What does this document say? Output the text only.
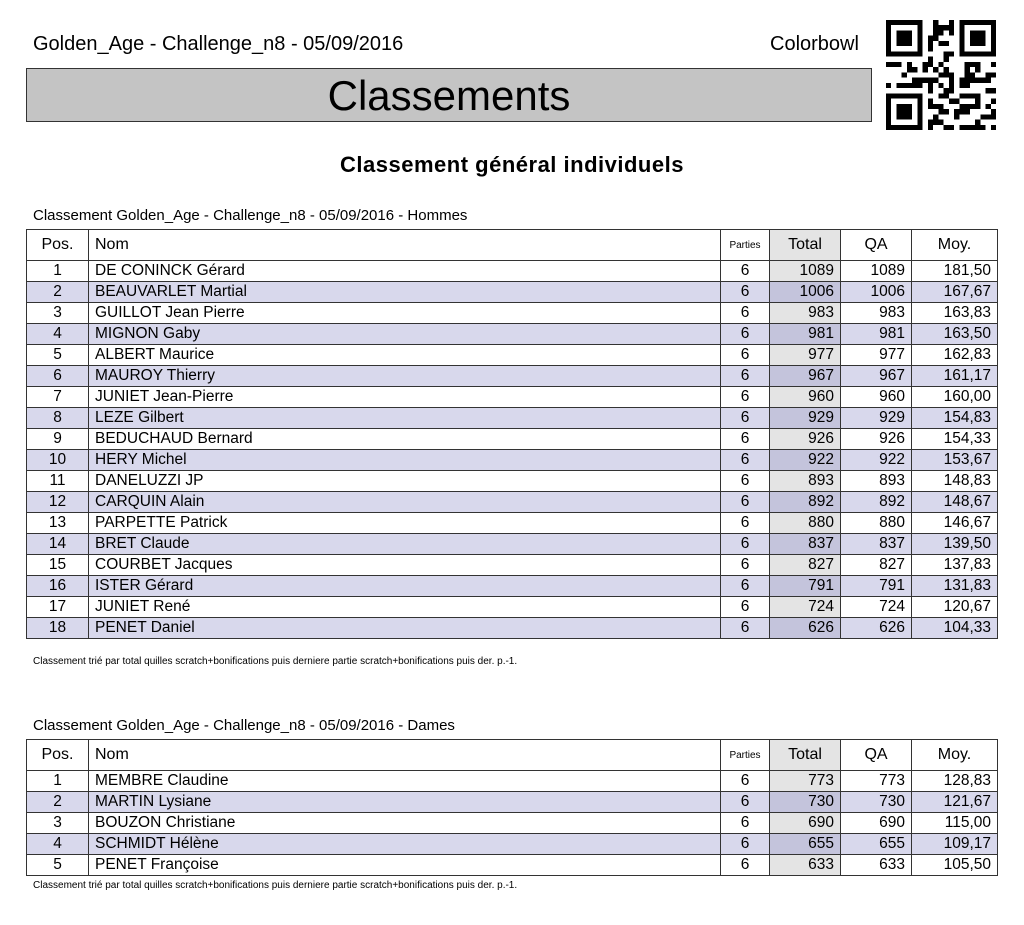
Golden_Age - Challenge_n8 - 05/09/2016	Colorbowl
Classements
Classement général individuels
Classement Golden_Age - Challenge_n8 - 05/09/2016 - Hommes
Pos.	Nom	Parties	Total	QA	Moy.
1	DE CONINCK Gérard	6	1089	1089	181,50
2	BEAUVARLET Martial	6	1006	1006	167,67
3	GUILLOT Jean Pierre	6	983	983	163,83
4	MIGNON Gaby	6	981	981	163,50
5	ALBERT Maurice	6	977	977	162,83
6	MAUROY Thierry	6	967	967	161,17
7	JUNIET Jean-Pierre	6	960	960	160,00
8	LEZE Gilbert	6	929	929	154,83
9	BEDUCHAUD Bernard	6	926	926	154,33
10	HERY Michel	6	922	922	153,67
11	DANELUZZI JP	6	893	893	148,83
12	CARQUIN Alain	6	892	892	148,67
13	PARPETTE Patrick	6	880	880	146,67
14	BRET Claude	6	837	837	139,50
15	COURBET Jacques	6	827	827	137,83
16	ISTER Gérard	6	791	791	131,83
17	JUNIET René	6	724	724	120,67
18	PENET Daniel	6	626	626	104,33
Classement trié par total quilles scratch+bonifications puis derniere partie scratch+bonifications puis der. p.-1.
Classement Golden_Age - Challenge_n8 - 05/09/2016 - Dames
Pos.	Nom	Parties	Total	QA	Moy.
1	MEMBRE Claudine	6	773	773	128,83
2	MARTIN Lysiane	6	730	730	121,67
3	BOUZON Christiane	6	690	690	115,00
4	SCHMIDT Hélène	6	655	655	109,17
5	PENET Françoise	6	633	633	105,50
Classement trié par total quilles scratch+bonifications puis derniere partie scratch+bonifications puis der. p.-1.
